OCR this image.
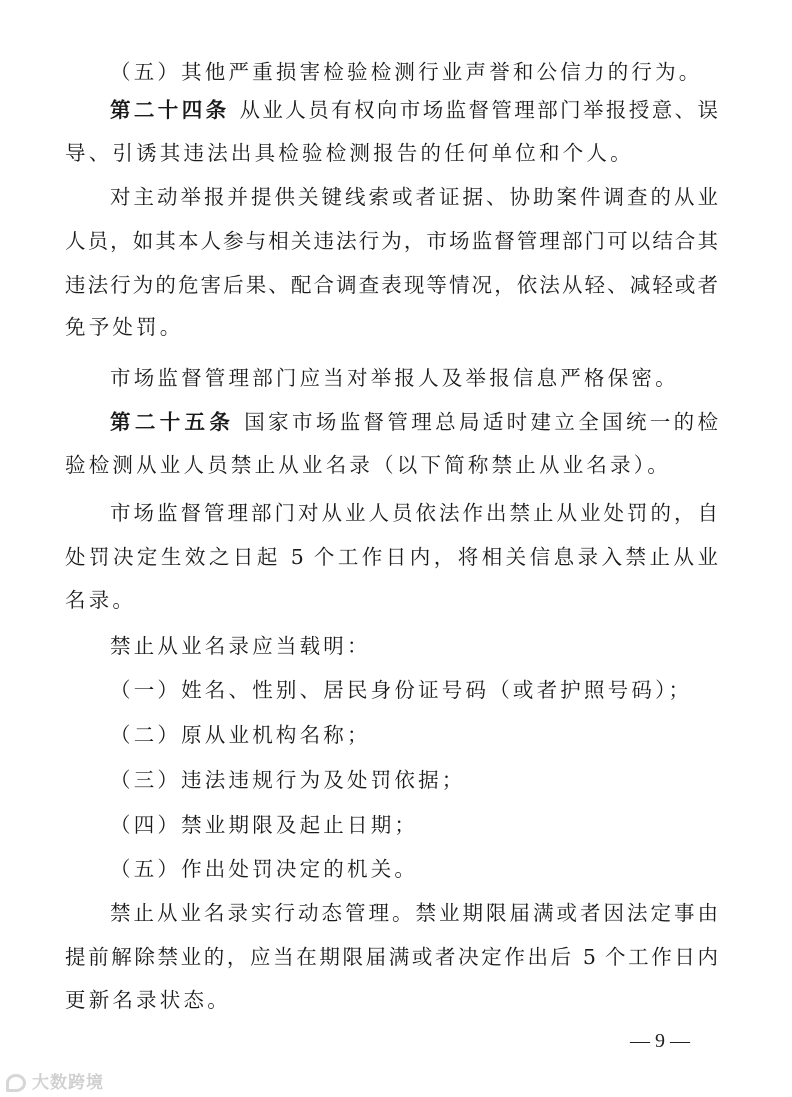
（五）其他严重损害检验检测行业声誉和公信力的行为。
第二十四条 从业人员有权向市场监督管理部门举报授意、误
导、引诱其违法出具检验检测报告的任何单位和个人。
对主动举报并提供关键线索或者证据、协助案件调查的从业
人员，如其本人参与相关违法行为，市场监督管理部门可以结合其
违法行为的危害后果、配合调查表现等情况，依法从轻、减轻或者
免予处罚。
市场监督管理部门应当对举报人及举报信息严格保密。
第二十五条 国家市场监督管理总局适时建立全国统一的检
验检测从业人员禁止从业名录（以下简称禁止从业名录）。
市场监督管理部门对从业人员依法作出禁止从业处罚的，自
处罚决定生效之日起 5 个工作日内，将相关信息录入禁止从业
名录。
禁止从业名录应当载明：
（一）姓名、性别、居民身份证号码（或者护照号码）；
（二）原从业机构名称；
（三）违法违规行为及处罚依据；
（四）禁业期限及起止日期；
（五）作出处罚决定的机关。
禁止从业名录实行动态管理。禁业期限届满或者因法定事由
提前解除禁业的，应当在期限届满或者决定作出后 5 个工作日内
更新名录状态。
— 9 —
大数跨境
